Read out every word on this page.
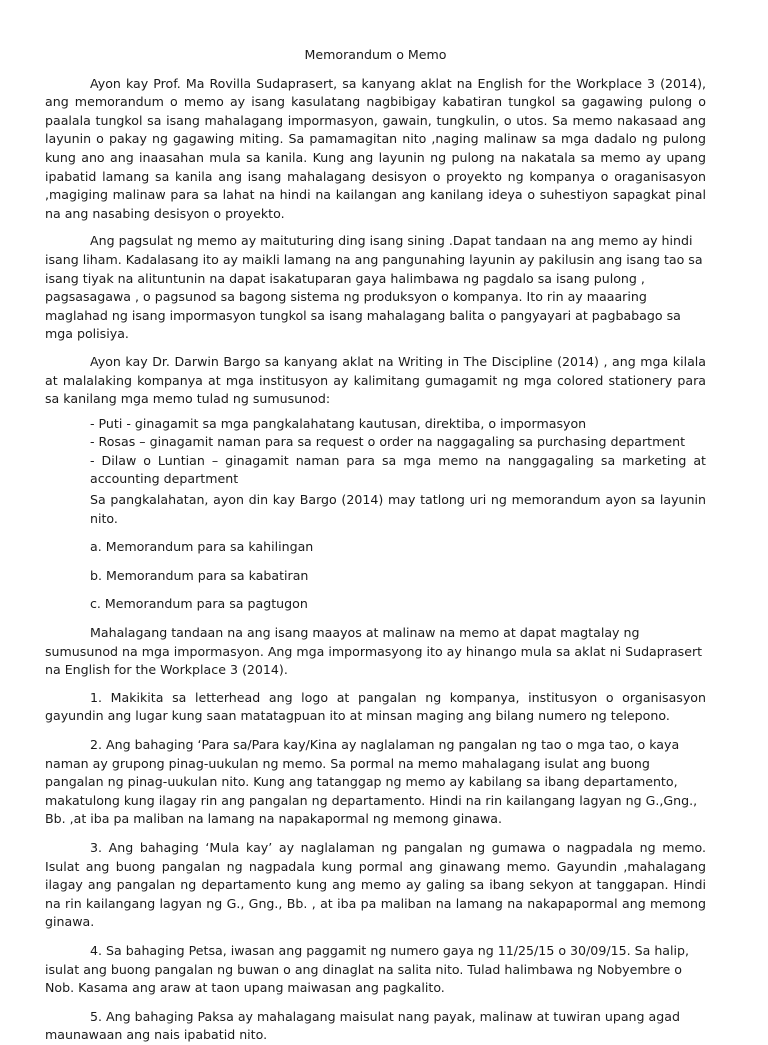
Memorandum o Memo

Ayon kay Prof. Ma Rovilla Sudaprasert, sa kanyang aklat na English for the Workplace 3 (2014), ang memorandum o memo ay isang kasulatang nagbibigay kabatiran tungkol sa gagawing pulong o paalala tungkol sa isang mahalagang impormasyon, gawain, tungkulin, o utos. Sa memo nakasaad ang layunin o pakay ng gagawing miting. Sa pamamagitan nito ,naging malinaw sa mga dadalo ng pulong kung ano ang inaasahan mula sa kanila. Kung ang layunin ng pulong na nakatala sa memo ay upang ipabatid lamang sa kanila ang isang mahalagang desisyon o proyekto ng kompanya o oraganisasyon ,magiging malinaw para sa lahat na hindi na kailangan ang kanilang ideya o suhestiyon sapagkat pinal na ang nasabing desisyon o proyekto.

Ang pagsulat ng memo ay maituturing ding isang sining .Dapat tandaan na ang memo ay hindi isang liham. Kadalasang ito ay maikli lamang na ang pangunahing layunin ay pakilusin ang isang tao sa isang tiyak na alituntunin na dapat isakatuparan gaya halimbawa ng pagdalo sa isang pulong , pagsasagawa , o pagsunod sa bagong sistema ng produksyon o kompanya. Ito rin ay maaaring maglahad ng isang impormasyon tungkol sa isang mahalagang balita o pangyayari at pagbabago sa mga polisiya.

Ayon kay Dr. Darwin Bargo sa kanyang aklat na Writing in The Discipline (2014) , ang mga kilala at malalaking kompanya at mga institusyon ay kalimitang gumagamit ng mga colored stationery para sa kanilang mga memo tulad ng sumusunod:

- Puti - ginagamit sa mga pangkalahatang kautusan, direktiba, o impormasyon
- Rosas – ginagamit naman para sa request o order na naggagaling sa purchasing department
- Dilaw o Luntian – ginagamit naman para sa mga memo na nanggagaling sa marketing at accounting department

Sa pangkalahatan, ayon din kay Bargo (2014) may tatlong uri ng memorandum ayon sa layunin nito.

a. Memorandum para sa kahilingan

b. Memorandum para sa kabatiran

c. Memorandum para sa pagtugon

Mahalagang tandaan na ang isang maayos at malinaw na memo at dapat magtalay ng sumusunod na mga impormasyon. Ang mga impormasyong ito ay hinango mula sa aklat ni Sudaprasert na English for the Workplace 3 (2014).

1. Makikita sa letterhead ang logo at pangalan ng kompanya, institusyon o organisasyon gayundin ang lugar kung saan matatagpuan ito at minsan maging ang bilang numero ng telepono.

2. Ang bahaging ‘Para sa/Para kay/Kina ay naglalaman ng pangalan ng tao o mga tao, o kaya naman ay grupong pinag-uukulan ng memo. Sa pormal na memo mahalagang isulat ang buong pangalan ng pinag-uukulan nito. Kung ang tatanggap ng memo ay kabilang sa ibang departamento, makatulong kung ilagay rin ang pangalan ng departamento. Hindi na rin kailangang lagyan ng G.,Gng., Bb. ,at iba pa maliban na lamang na napakapormal ng memong ginawa.

3. Ang bahaging ‘Mula kay’ ay naglalaman ng pangalan ng gumawa o nagpadala ng memo. Isulat ang buong pangalan ng nagpadala kung pormal ang ginawang memo. Gayundin ,mahalagang ilagay ang pangalan ng departamento kung ang memo ay galing sa ibang sekyon at tanggapan. Hindi na rin kailangang lagyan ng G., Gng., Bb. , at iba pa maliban na lamang na nakapapormal ang memong ginawa.

4. Sa bahaging Petsa, iwasan ang paggamit ng numero gaya ng 11/25/15 o 30/09/15. Sa halip, isulat ang buong pangalan ng buwan o ang dinaglat na salita nito. Tulad halimbawa ng Nobyembre o Nob. Kasama ang araw at taon upang maiwasan ang pagkalito.

5. Ang bahaging Paksa ay mahalagang maisulat nang payak, malinaw at tuwiran upang agad maunawaan ang nais ipabatid nito.
